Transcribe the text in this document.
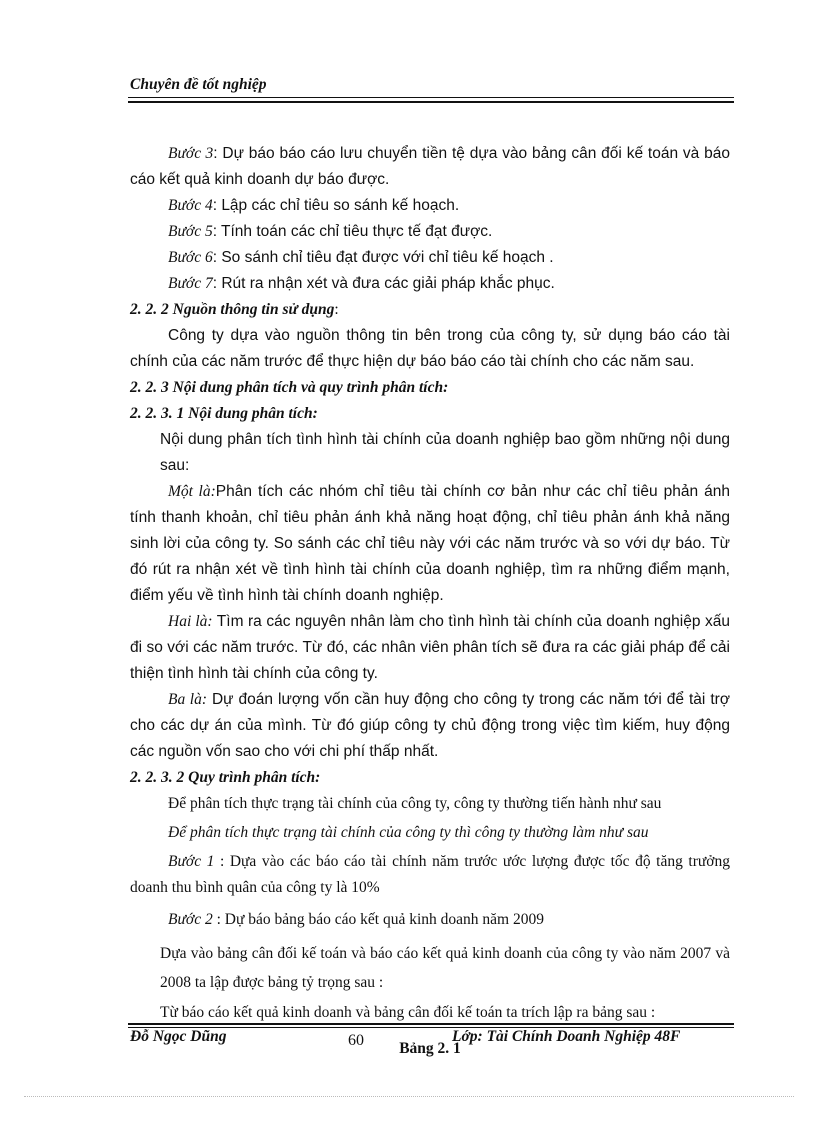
Chuyên đề tốt nghiệp

Bước 3: Dự báo báo cáo lưu chuyển tiền tệ dựa vào bảng cân đối kế toán và báo cáo kết quả kinh doanh dự báo được.

Bước 4: Lập các chỉ tiêu so sánh kế hoạch.

Bước 5: Tính toán các chỉ tiêu thực tế đạt được.

Bước 6: So sánh chỉ tiêu đạt được với chỉ tiêu kế hoạch .

Bước 7: Rút ra nhận xét và đưa các giải pháp khắc phục.

2. 2. 2 Nguồn thông tin sử dụng:

Công ty dựa vào nguồn thông tin bên trong của công ty, sử dụng báo cáo tài chính của các năm trước để thực hiện dự báo báo cáo tài chính cho các năm sau.

2. 2. 3 Nội dung phân tích và quy trình phân tích:

2. 2. 3. 1 Nội dung phân tích:

Nội dung phân tích tình hình tài chính của doanh nghiệp bao gồm những nội dung sau:

Một là:Phân tích các nhóm chỉ tiêu tài chính cơ bản như các chỉ tiêu phản ánh tính thanh khoản, chỉ tiêu phản ánh khả năng hoạt động, chỉ tiêu phản ánh khả năng sinh lời của công ty. So sánh các chỉ tiêu này với các năm trước và so với dự báo. Từ đó rút ra nhận xét về tình hình tài chính của doanh nghiệp, tìm ra những điểm mạnh, điểm yếu về tình hình tài chính doanh nghiệp.

Hai là: Tìm ra các nguyên nhân làm cho tình hình tài chính của doanh nghiệp xấu đi so với các năm trước. Từ đó, các nhân viên phân tích sẽ đưa ra các giải pháp để cải thiện tình hình tài chính của công ty.

Ba là: Dự đoán lượng vốn cần huy động cho công ty trong các năm tới để tài trợ cho các dự án của mình. Từ đó giúp công ty chủ động trong việc tìm kiếm, huy động các nguồn vốn sao cho với chi phí thấp nhất.

2. 2. 3. 2 Quy trình phân tích:

Để phân tích thực trạng tài chính của công ty, công ty thường tiến hành như sau

Để phân tích thực trạng tài chính của công ty thì công ty thường làm như sau

Bước 1 : Dựa vào các báo cáo tài chính năm trước ước lượng được tốc độ tăng trưởng doanh thu bình quân của công ty là 10%

Bước 2 : Dự báo bảng báo cáo kết quả kinh doanh năm 2009

Dựa vào bảng cân đối kế toán và báo cáo kết quả kinh doanh của công ty vào năm 2007 và 2008 ta lập được bảng tỷ trọng sau :

Từ báo cáo kết quả kinh doanh và bảng cân đối kế toán ta trích lập ra bảng sau :

Bảng 2. 1

Đỗ Ngọc Dũng	60	Lớp: Tài Chính Doanh Nghiệp 48F
